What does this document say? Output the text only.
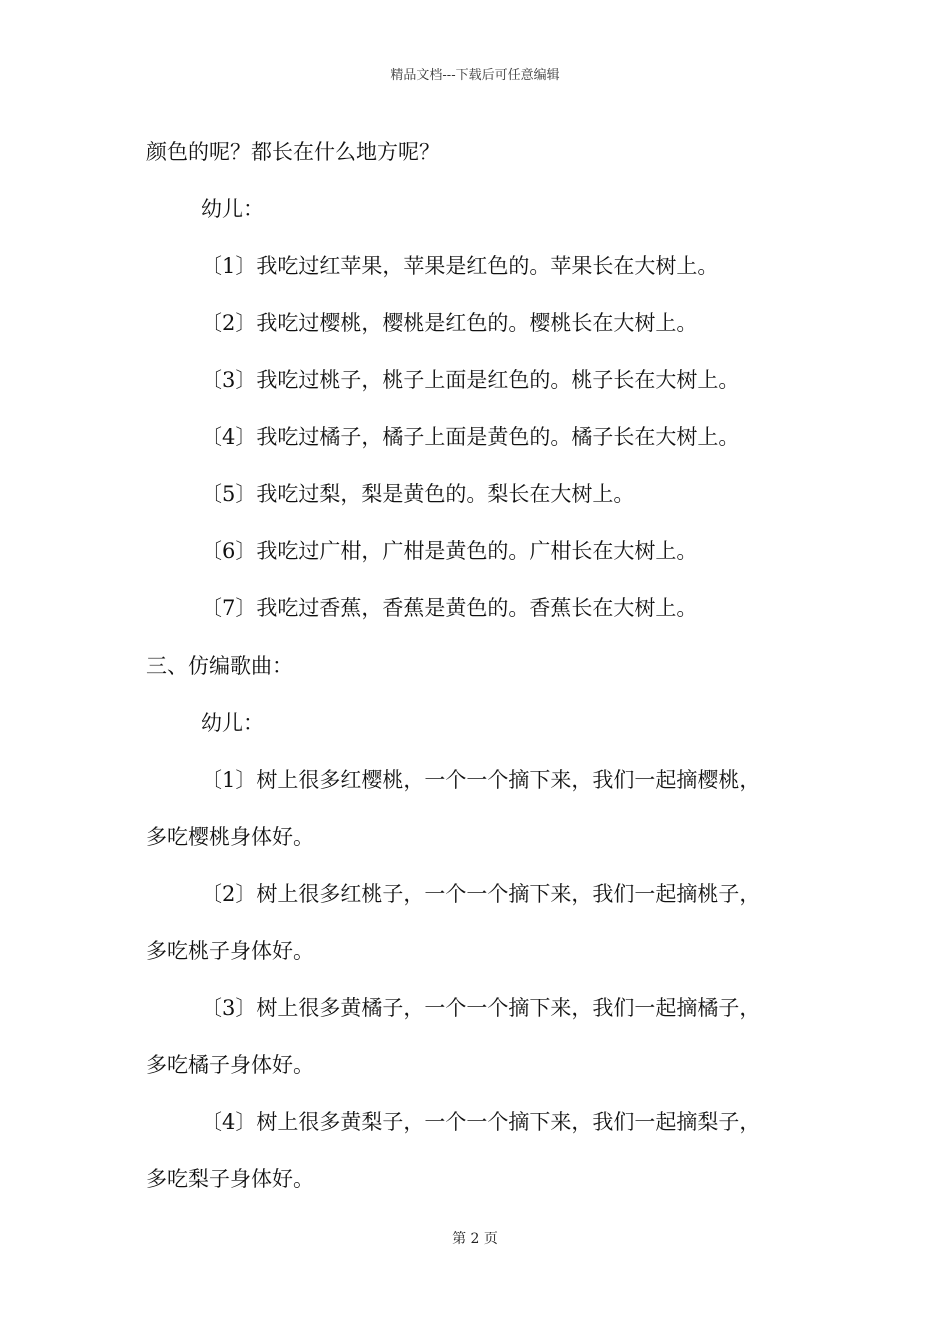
精品文档---下载后可任意编辑
颜色的呢？都长在什么地方呢？
幼儿：
〔1〕我吃过红苹果，苹果是红色的。苹果长在大树上。
〔2〕我吃过樱桃，樱桃是红色的。樱桃长在大树上。
〔3〕我吃过桃子，桃子上面是红色的。桃子长在大树上。
〔4〕我吃过橘子，橘子上面是黄色的。橘子长在大树上。
〔5〕我吃过梨，梨是黄色的。梨长在大树上。
〔6〕我吃过广柑，广柑是黄色的。广柑长在大树上。
〔7〕我吃过香蕉，香蕉是黄色的。香蕉长在大树上。
三、仿编歌曲：
幼儿：
〔1〕树上很多红樱桃，一个一个摘下来，我们一起摘樱桃，
多吃樱桃身体好。
〔2〕树上很多红桃子，一个一个摘下来，我们一起摘桃子，
多吃桃子身体好。
〔3〕树上很多黄橘子，一个一个摘下来，我们一起摘橘子，
多吃橘子身体好。
〔4〕树上很多黄梨子，一个一个摘下来，我们一起摘梨子，
多吃梨子身体好。
第 2 页
